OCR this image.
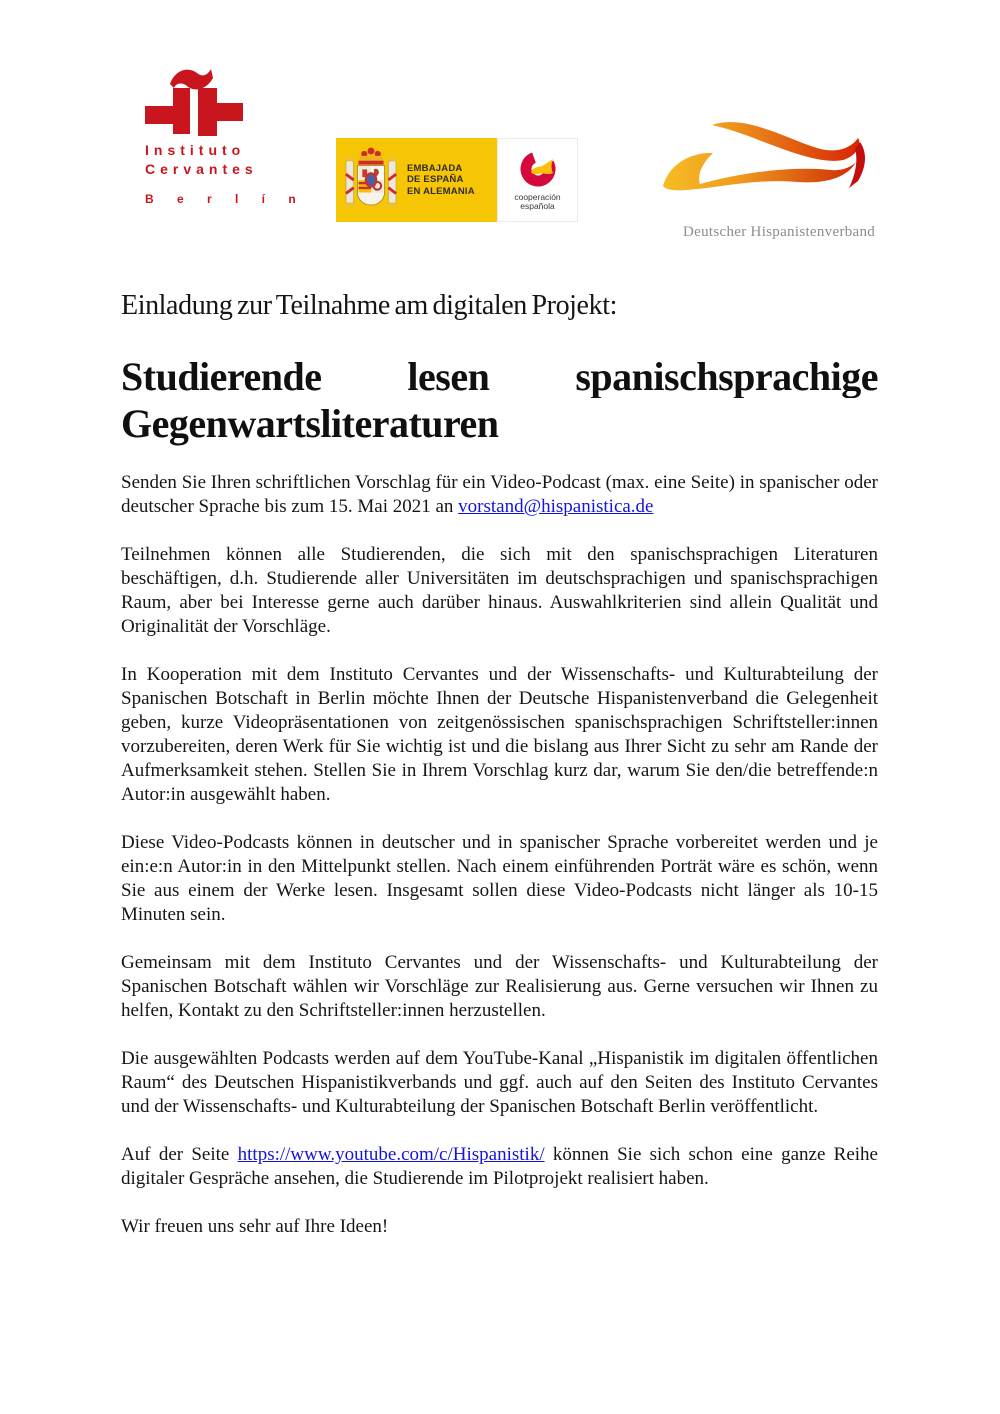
Instituto
Cervantes
B e r l í n
EMBAJADA
DE ESPAÑA
EN ALEMANIA	cooperación
española
Deutscher Hispanistenverband
Einladung zur Teilnahme am digitalen Projekt:
Studierende lesen spanischsprachige
Gegenwartsliteraturen

Senden Sie Ihren schriftlichen Vorschlag für ein Video-Podcast (max. eine Seite) in spanischer oder deutscher Sprache bis zum 15. Mai 2021 an vorstand@hispanistica.de

Teilnehmen können alle Studierenden, die sich mit den spanischsprachigen Literaturen beschäftigen, d.h. Studierende aller Universitäten im deutschsprachigen und spanischsprachigen Raum, aber bei Interesse gerne auch darüber hinaus. Auswahlkriterien sind allein Qualität und Originalität der Vorschläge.

In Kooperation mit dem Instituto Cervantes und der Wissenschafts- und Kulturabteilung der Spanischen Botschaft in Berlin möchte Ihnen der Deutsche Hispanistenverband die Gelegenheit geben, kurze Videopräsentationen von zeitgenössischen spanischsprachigen Schriftsteller:innen vorzubereiten, deren Werk für Sie wichtig ist und die bislang aus Ihrer Sicht zu sehr am Rande der Aufmerksamkeit stehen. Stellen Sie in Ihrem Vorschlag kurz dar, warum Sie den/die betreffende:n Autor:in ausgewählt haben.

Diese Video-Podcasts können in deutscher und in spanischer Sprache vorbereitet werden und je ein:e:n Autor:in in den Mittelpunkt stellen. Nach einem einführenden Porträt wäre es schön, wenn Sie aus einem der Werke lesen. Insgesamt sollen diese Video-Podcasts nicht länger als 10-15 Minuten sein.

Gemeinsam mit dem Instituto Cervantes und der Wissenschafts- und Kulturabteilung der Spanischen Botschaft wählen wir Vorschläge zur Realisierung aus. Gerne versuchen wir Ihnen zu helfen, Kontakt zu den Schriftsteller:innen herzustellen.

Die ausgewählten Podcasts werden auf dem YouTube-Kanal „Hispanistik im digitalen öffentlichen Raum“ des Deutschen Hispanistikverbands und ggf. auch auf den Seiten des Instituto Cervantes und der Wissenschafts- und Kulturabteilung der Spanischen Botschaft Berlin veröffentlicht.

Auf der Seite https://www.youtube.com/c/Hispanistik/ können Sie sich schon eine ganze Reihe digitaler Gespräche ansehen, die Studierende im Pilotprojekt realisiert haben.

Wir freuen uns sehr auf Ihre Ideen!
